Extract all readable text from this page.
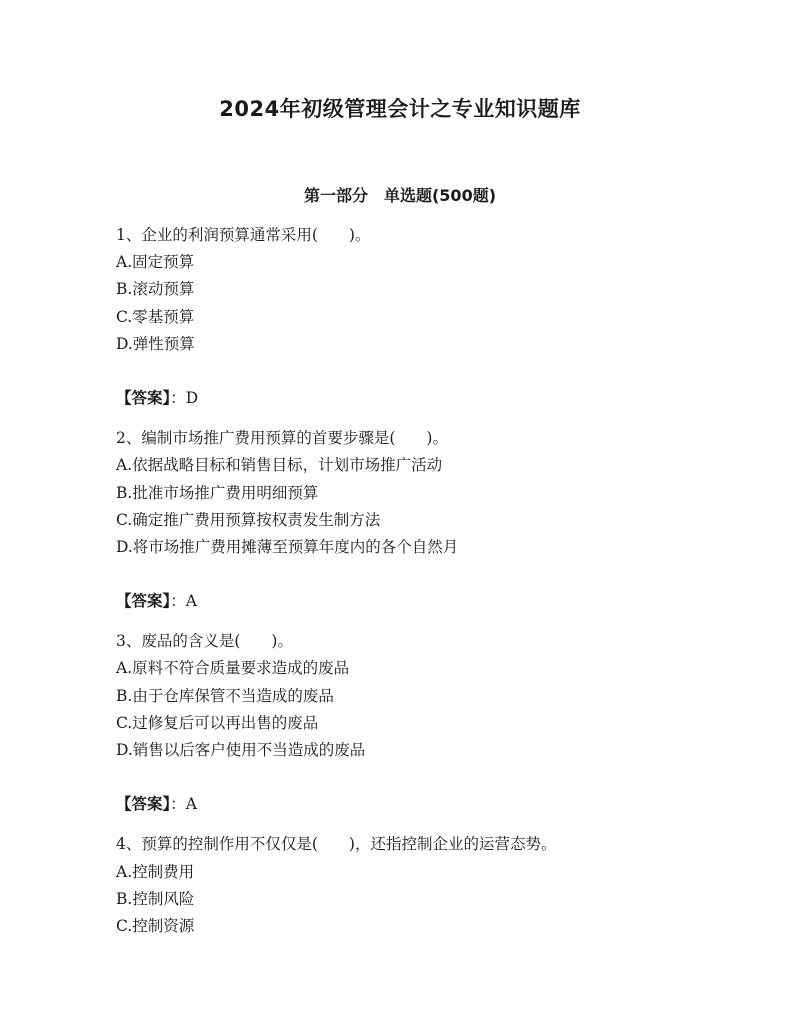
2024年初级管理会计之专业知识题库
第一部分　单选题(500题)
1、企业的利润预算通常采用(　　)。
A.固定预算
B.滚动预算
C.零基预算
D.弹性预算
【答案】：D
2、编制市场推广费用预算的首要步骤是(　　)。
A.依据战略目标和销售目标，计划市场推广活动
B.批准市场推广费用明细预算
C.确定推广费用预算按权责发生制方法
D.将市场推广费用摊薄至预算年度内的各个自然月
【答案】：A
3、废品的含义是(　　)。
A.原料不符合质量要求造成的废品
B.由于仓库保管不当造成的废品
C.过修复后可以再出售的废品
D.销售以后客户使用不当造成的废品
【答案】：A
4、预算的控制作用不仅仅是(　　)，还指控制企业的运营态势。
A.控制费用
B.控制风险
C.控制资源
